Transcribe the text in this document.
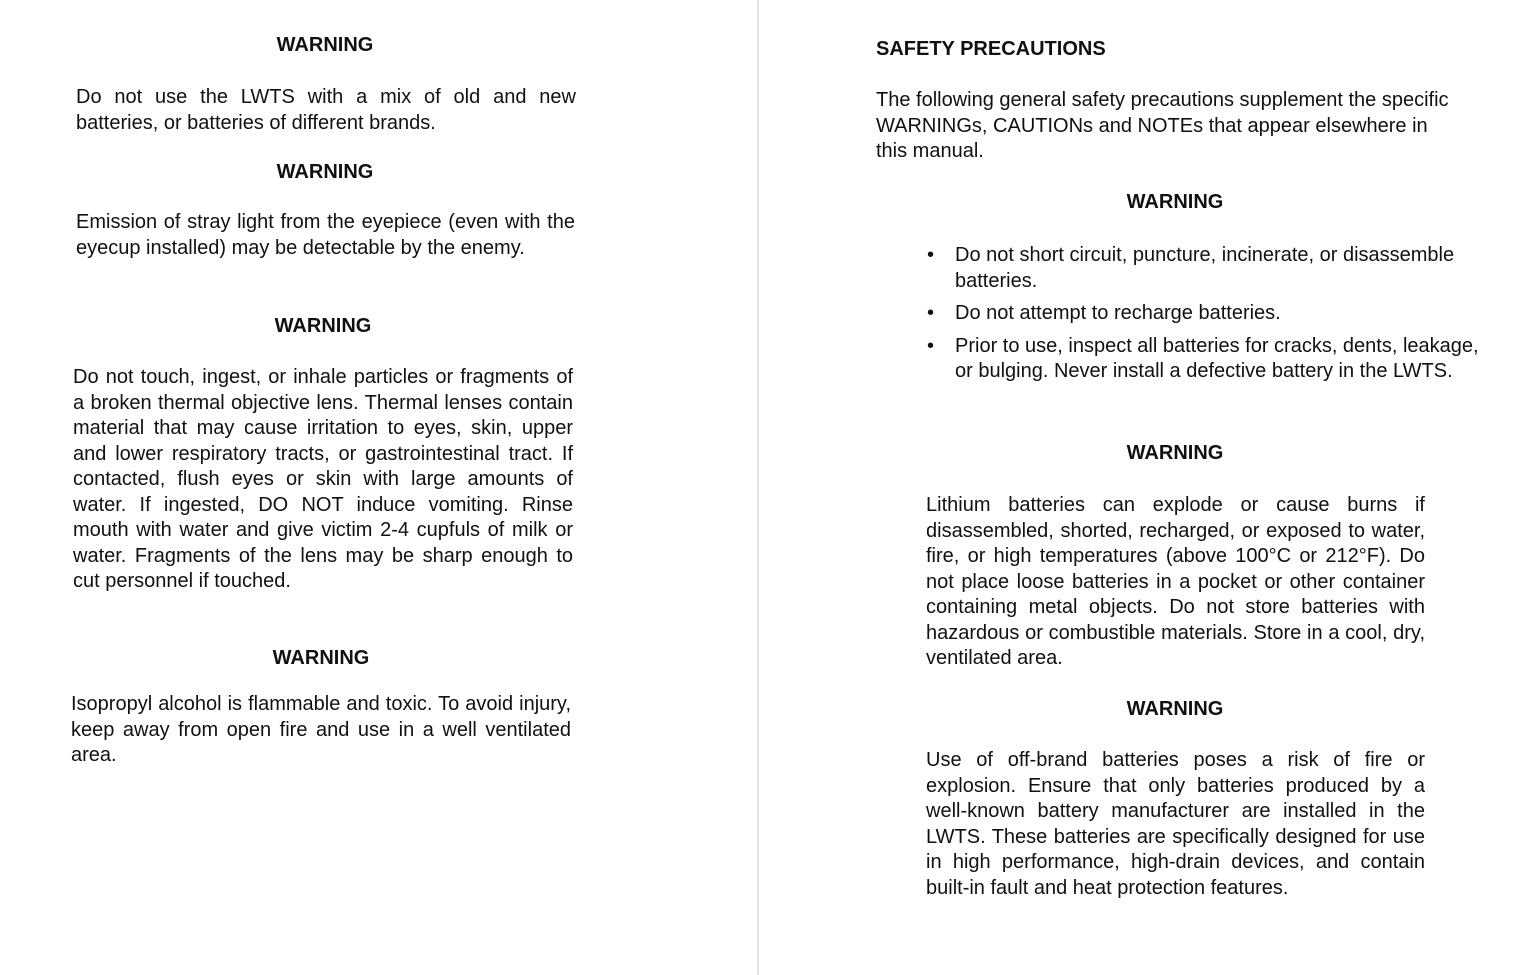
WARNING

Do not use the LWTS with a mix of old and new batteries, or batteries of different brands.

WARNING

Emission of stray light from the eyepiece (even with the eyecup installed) may be detectable by the enemy.

WARNING

Do not touch, ingest, or inhale particles or fragments of a broken thermal objective lens. Thermal lenses contain material that may cause irritation to eyes, skin, upper and lower respiratory tracts, or gastrointestinal tract. If contacted, flush eyes or skin with large amounts of water. If ingested, DO NOT induce vomiting. Rinse mouth with water and give victim 2-4 cupfuls of milk or water. Fragments of the lens may be sharp enough to cut personnel if touched.

WARNING

Isopropyl alcohol is flammable and toxic. To avoid injury, keep away from open fire and use in a well ventilated area.

SAFETY PRECAUTIONS

The following general safety precautions supplement the specific WARNINGs, CAUTIONs and NOTEs that appear elsewhere in this manual.

WARNING
• Do not short circuit, puncture, incinerate, or disassemble batteries.
• Do not attempt to recharge batteries.
• Prior to use, inspect all batteries for cracks, dents, leakage, or bulging. Never install a defective battery in the LWTS.
WARNING

Lithium batteries can explode or cause burns if disassembled, shorted, recharged, or exposed to water, fire, or high temperatures (above 100°C or 212°F). Do not place loose batteries in a pocket or other container containing metal objects. Do not store batteries with hazardous or combustible materials. Store in a cool, dry, ventilated area.

WARNING

Use of off-brand batteries poses a risk of fire or explosion. Ensure that only batteries produced by a well-known battery manufacturer are installed in the LWTS. These batteries are specifically designed for use in high performance, high-drain devices, and contain built-in fault and heat protection features.
